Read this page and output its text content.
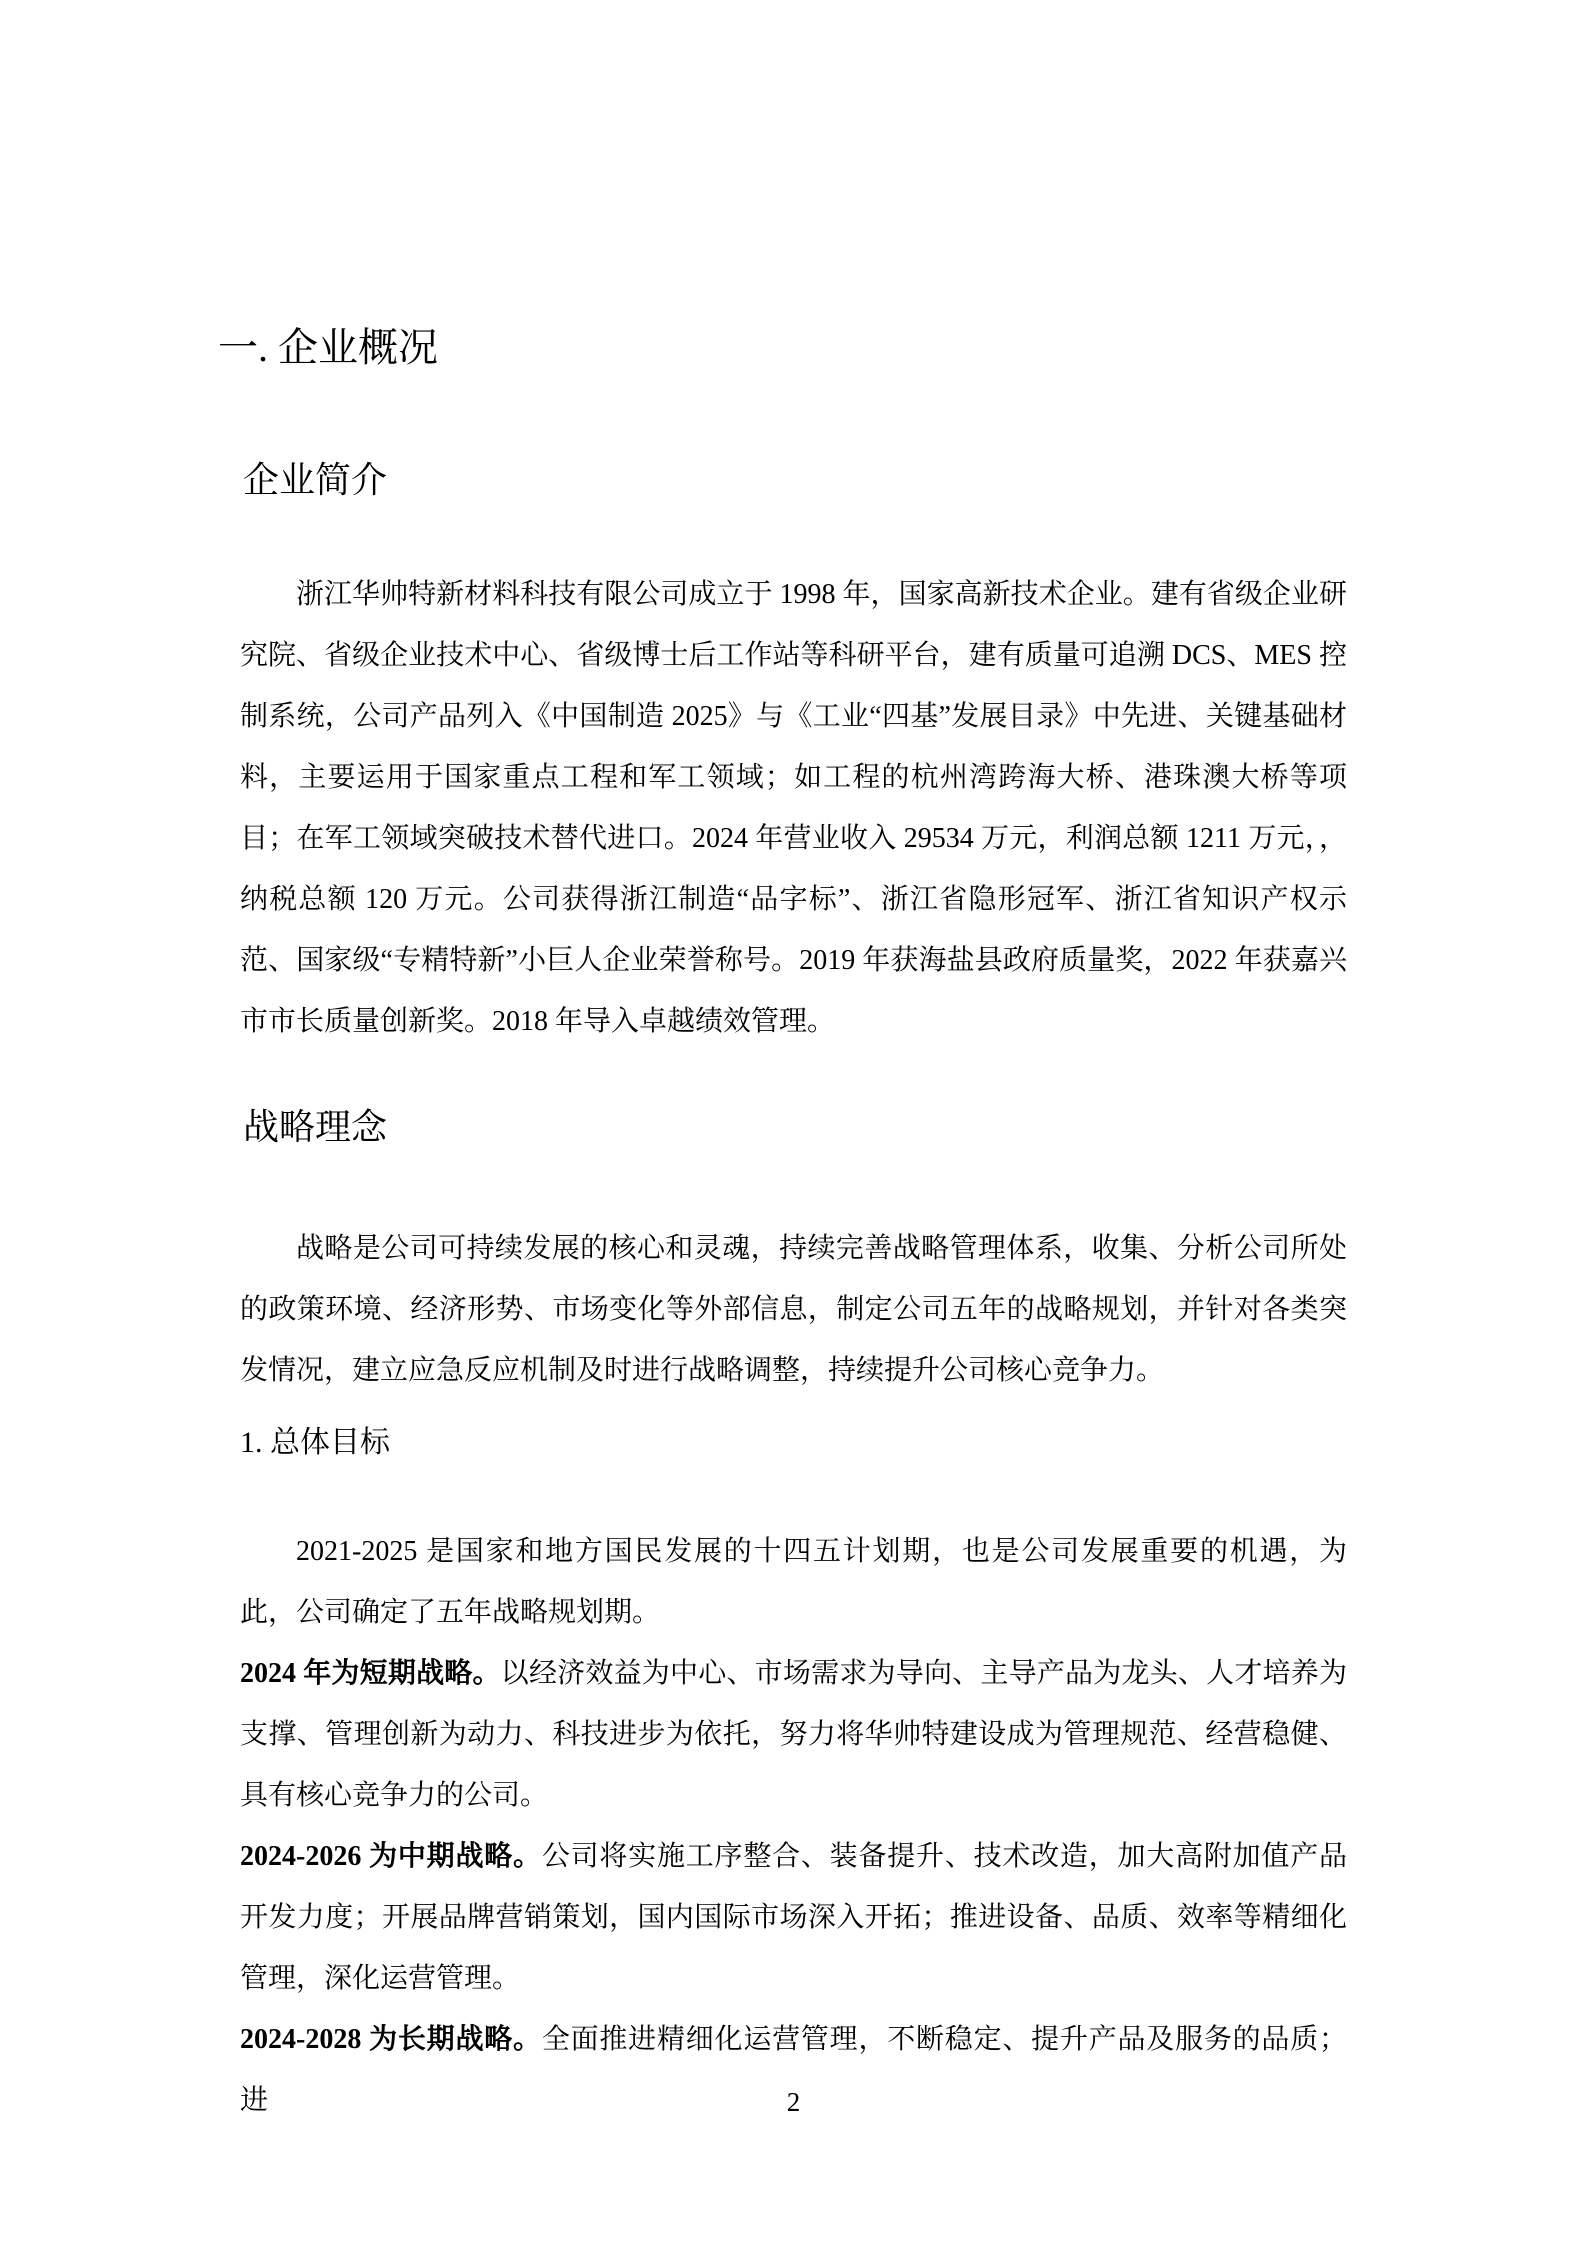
一. 企业概况
企业简介

浙江华帅特新材料科技有限公司成立于 1998 年，国家高新技术企业。建有省级企业研究院、省级企业技术中心、省级博士后工作站等科研平台，建有质量可追溯 DCS、MES 控制系统，公司产品列入《中国制造 2025》与《工业“四基”发展目录》中先进、关键基础材料，主要运用于国家重点工程和军工领域；如工程的杭州湾跨海大桥、港珠澳大桥等项目；在军工领域突破技术替代进口。2024 年营业收入 29534 万元，利润总额 1211 万元，，纳税总额 120 万元。公司获得浙江制造“品字标”、浙江省隐形冠军、浙江省知识产权示范、国家级“专精特新”小巨人企业荣誉称号。2019 年获海盐县政府质量奖，2022 年获嘉兴市市长质量创新奖。2018 年导入卓越绩效管理。

战略理念

战略是公司可持续发展的核心和灵魂，持续完善战略管理体系，收集、分析公司所处的政策环境、经济形势、市场变化等外部信息，制定公司五年的战略规划，并针对各类突发情况，建立应急反应机制及时进行战略调整，持续提升公司核心竞争力。

1. 总体目标

2021-2025 是国家和地方国民发展的十四五计划期，也是公司发展重要的机遇，为此，公司确定了五年战略规划期。

2024 年为短期战略。以经济效益为中心、市场需求为导向、主导产品为龙头、人才培养为支撑、管理创新为动力、科技进步为依托，努力将华帅特建设成为管理规范、经营稳健、具有核心竞争力的公司。

2024-2026 为中期战略。公司将实施工序整合、装备提升、技术改造，加大高附加值产品开发力度；开展品牌营销策划，国内国际市场深入开拓；推进设备、品质、效率等精细化管理，深化运营管理。

2024-2028 为长期战略。全面推进精细化运营管理，不断稳定、提升产品及服务的品质；进	2
